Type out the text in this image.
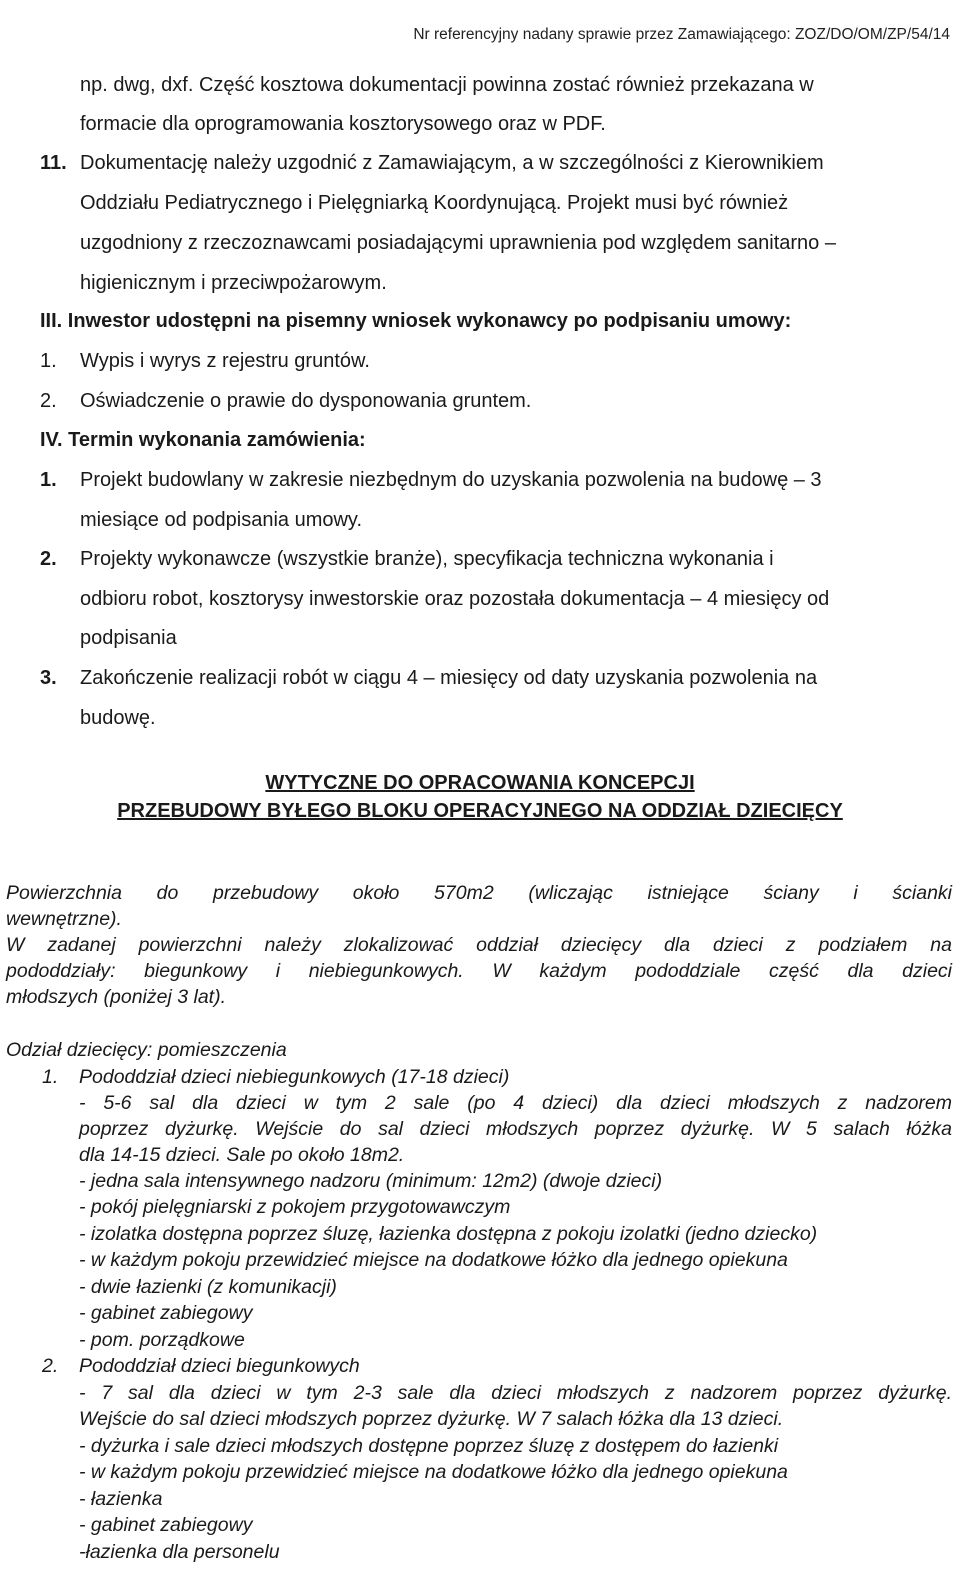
Nr referencyjny nadany sprawie przez Zamawiającego: ZOZ/DO/OM/ZP/54/14
np. dwg, dxf. Część kosztowa dokumentacji powinna zostać również przekazana w
formacie dla oprogramowania kosztorysowego oraz w PDF.
11. Dokumentację należy uzgodnić z Zamawiającym, a w szczególności z Kierownikiem
Oddziału Pediatrycznego i Pielęgniarką Koordynującą. Projekt musi być również
uzgodniony z rzeczoznawcami posiadającymi uprawnienia pod względem sanitarno –
higienicznym i przeciwpożarowym.
III. Inwestor udostępni na pisemny wniosek wykonawcy po podpisaniu umowy:
1. Wypis i wyrys z rejestru gruntów.
2. Oświadczenie o prawie do dysponowania gruntem.
IV. Termin wykonania zamówienia:
1. Projekt budowlany w zakresie niezbędnym do uzyskania pozwolenia na budowę – 3
miesiące od podpisania umowy.
2. Projekty wykonawcze (wszystkie branże), specyfikacja techniczna wykonania i
odbioru robot, kosztorysy inwestorskie oraz pozostała dokumentacja – 4 miesięcy od
podpisania
3. Zakończenie realizacji robót w ciągu 4 – miesięcy od daty uzyskania pozwolenia na
budowę.
WYTYCZNE DO OPRACOWANIA KONCEPCJI
PRZEBUDOWY BYŁEGO BLOKU OPERACYJNEGO NA ODDZIAŁ DZIECIĘCY
Powierzchnia do przebudowy około 570m2 (wliczając istniejące ściany i ścianki
wewnętrzne).
W zadanej powierzchni należy zlokalizować oddział dziecięcy dla dzieci z podziałem na
pododdziały: biegunkowy i niebiegunkowych. W każdym pododdziale część dla dzieci
młodszych (poniżej 3 lat).
Odział dziecięcy: pomieszczenia
1. Pododdział dzieci niebiegunkowych (17-18 dzieci)
- 5-6 sal dla dzieci w tym 2 sale (po 4 dzieci) dla dzieci młodszych z nadzorem
poprzez dyżurkę. Wejście do sal dzieci młodszych poprzez dyżurkę. W 5 salach łóżka
dla 14-15 dzieci. Sale po około 18m2.
- jedna sala intensywnego nadzoru (minimum: 12m2) (dwoje dzieci)
- pokój pielęgniarski z pokojem przygotowawczym
- izolatka dostępna poprzez śluzę, łazienka dostępna z pokoju izolatki (jedno dziecko)
- w każdym pokoju przewidzieć miejsce na dodatkowe łóżko dla jednego opiekuna
- dwie łazienki (z komunikacji)
- gabinet zabiegowy
- pom. porządkowe
2. Pododdział dzieci biegunkowych
- 7 sal dla dzieci w tym 2-3 sale dla dzieci młodszych z nadzorem poprzez dyżurkę.
Wejście do sal dzieci młodszych poprzez dyżurkę. W 7 salach łóżka dla 13 dzieci.
- dyżurka i sale dzieci młodszych dostępne poprzez śluzę z dostępem do łazienki
- w każdym pokoju przewidzieć miejsce na dodatkowe łóżko dla jednego opiekuna
- łazienka
- gabinet zabiegowy
-łazienka dla personelu
